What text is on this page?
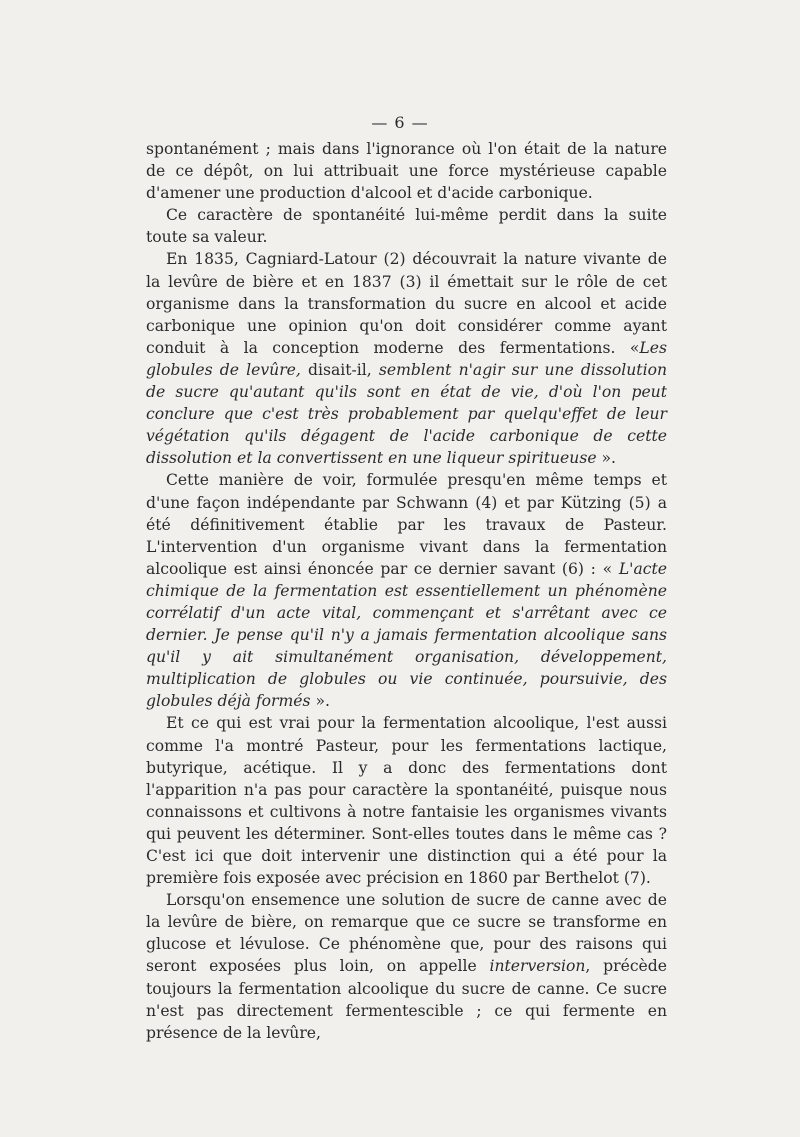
— 6 —

spontanément ; mais dans l'ignorance où l'on était de la nature de ce dépôt, on lui attribuait une force mystérieuse capable d'amener une production d'alcool et d'acide carbonique.

Ce caractère de spontanéité lui-même perdit dans la suite toute sa valeur.

En 1835, Cagniard-Latour (2) découvrait la nature vivante de la levûre de bière et en 1837 (3) il émettait sur le rôle de cet organisme dans la transformation du sucre en alcool et acide carbonique une opinion qu'on doit considérer comme ayant conduit à la conception moderne des fermentations. «Les globules de levûre, disait-il, semblent n'agir sur une dissolution de sucre qu'autant qu'ils sont en état de vie, d'où l'on peut conclure que c'est très probablement par quelqu'effet de leur végétation qu'ils dégagent de l'acide carbonique de cette dissolution et la convertissent en une liqueur spiritueuse ».

Cette manière de voir, formulée presqu'en même temps et d'une façon indépendante par Schwann (4) et par Kützing (5) a été définitivement établie par les travaux de Pasteur. L'intervention d'un organisme vivant dans la fermentation alcoolique est ainsi énoncée par ce dernier savant (6) : « L'acte chimique de la fermentation est essentiellement un phénomène corrélatif d'un acte vital, commençant et s'arrêtant avec ce dernier. Je pense qu'il n'y a jamais fermentation alcoolique sans qu'il y ait simultanément organisation, développement, multiplication de globules ou vie continuée, poursuivie, des globules déjà formés ».

Et ce qui est vrai pour la fermentation alcoolique, l'est aussi comme l'a montré Pasteur, pour les fermentations lactique, butyrique, acétique. Il y a donc des fermentations dont l'apparition n'a pas pour caractère la spontanéité, puisque nous connaissons et cultivons à notre fantaisie les organismes vivants qui peuvent les déterminer. Sont-elles toutes dans le même cas ? C'est ici que doit intervenir une distinction qui a été pour la première fois exposée avec précision en 1860 par Berthelot (7).

Lorsqu'on ensemence une solution de sucre de canne avec de la levûre de bière, on remarque que ce sucre se transforme en glucose et lévulose. Ce phénomène que, pour des raisons qui seront exposées plus loin, on appelle interversion, précède toujours la fermentation alcoolique du sucre de canne. Ce sucre n'est pas directement fermentescible ; ce qui fermente en présence de la levûre,
